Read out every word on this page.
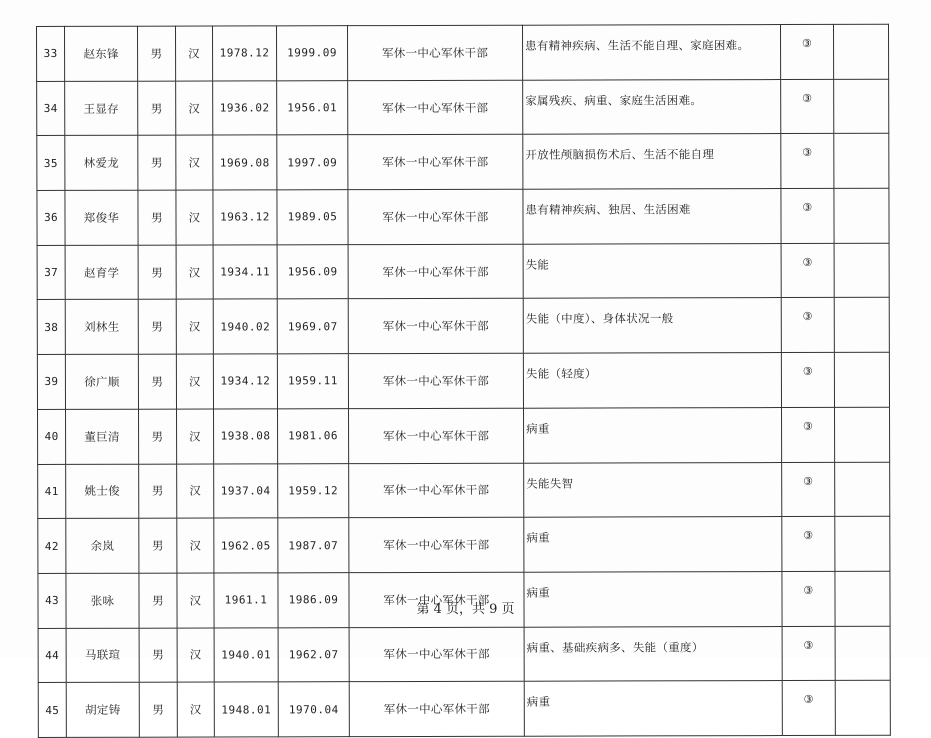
33	赵东锋	男	汉	1978.12	1999.09	军休一中心军休干部	患有精神疾病、生活不能自理、家庭困难。	③	
34	王显存	男	汉	1936.02	1956.01	军休一中心军休干部	家属残疾、病重、家庭生活困难。	③	
35	林爱龙	男	汉	1969.08	1997.09	军休一中心军休干部	开放性颅脑损伤术后、生活不能自理	③	
36	郑俊华	男	汉	1963.12	1989.05	军休一中心军休干部	患有精神疾病、独居、生活困难	③	
37	赵育学	男	汉	1934.11	1956.09	军休一中心军休干部	失能	③	
38	刘林生	男	汉	1940.02	1969.07	军休一中心军休干部	失能（中度）、身体状况一般	③	
39	徐广顺	男	汉	1934.12	1959.11	军休一中心军休干部	失能（轻度）	③	
40	董巨清	男	汉	1938.08	1981.06	军休一中心军休干部	病重	③	
41	姚士俊	男	汉	1937.04	1959.12	军休一中心军休干部	失能失智	③	
42	余岚	男	汉	1962.05	1987.07	军休一中心军休干部	病重	③	
43	张咏	男	汉	1961.1	1986.09	军休一中心军休干部	病重	③	
44	马联瑄	男	汉	1940.01	1962.07	军休一中心军休干部	病重、基础疾病多、失能（重度）	③	
45	胡定铸	男	汉	1948.01	1970.04	军休一中心军休干部	病重	③	
第 4 页，共 9 页
